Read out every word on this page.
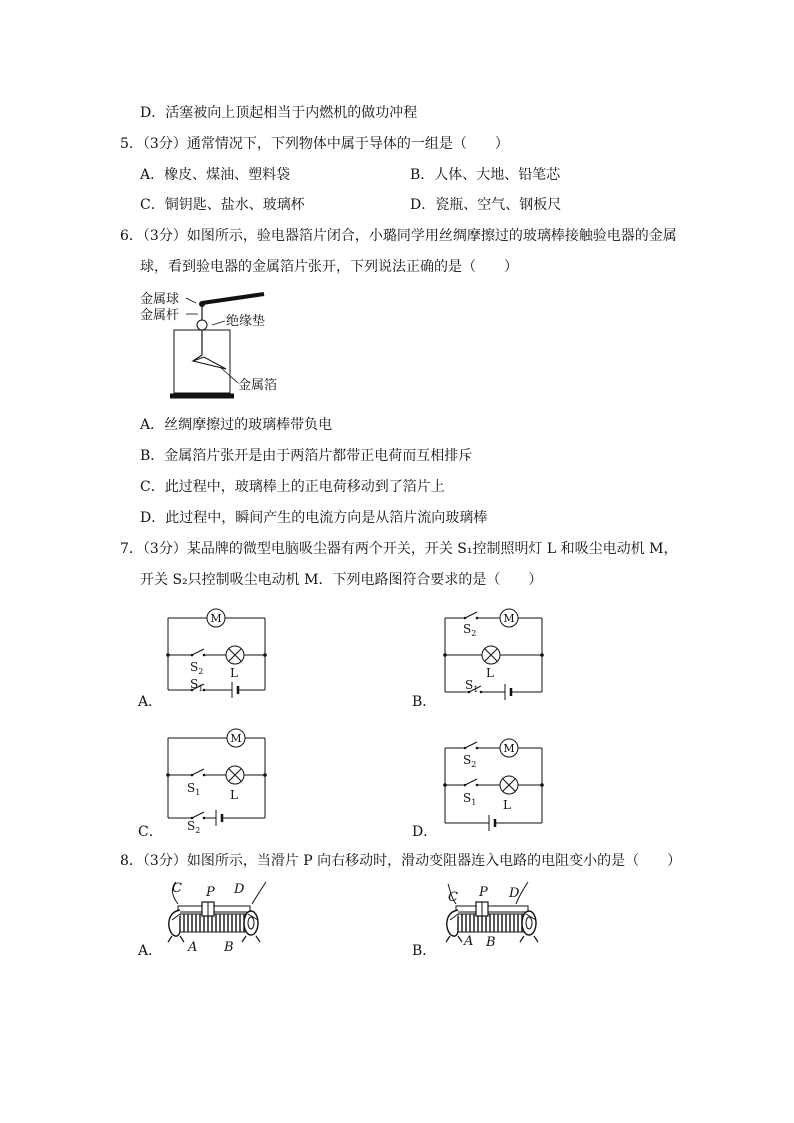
D．活塞被向上顶起相当于内燃机的做功冲程
5．（3分）通常情况下，下列物体中属于导体的一组是（　　）
A．橡皮、煤油、塑料袋	B．人体、大地、铅笔芯
C．铜钥匙、盐水、玻璃杯	D．瓷瓶、空气、钢板尺
6．（3分）如图所示，验电器箔片闭合，小璐同学用丝绸摩擦过的玻璃棒接触验电器的金属
球，看到验电器的金属箔片张开，下列说法正确的是（　　）
金属球
金属杆	绝缘垫
金属箔
A．丝绸摩擦过的玻璃棒带负电
B．金属箔片张开是由于两箔片都带正电荷而互相排斥
C．此过程中，玻璃棒上的正电荷移动到了箔片上
D．此过程中，瞬间产生的电流方向是从箔片流向玻璃棒
7．（3分）某品牌的微型电脑吸尘器有两个开关，开关 S₁控制照明灯 L 和吸尘电动机 M，
开关 S₂只控制吸尘电动机 M．下列电路图符合要求的是（　　）
M
L
$S_2$
$S_1$
A．
M
L
$S_2$
$S_1$
B．
M
L
$S_1$
$S_2$
C．
M
L
$S_2$
$S_1$
D．
8．（3分）如图所示，当滑片 P 向右移动时，滑动变阻器连入电路的电阻变小的是（　　）
C P D
A B
A．
C P D
A B
B．
